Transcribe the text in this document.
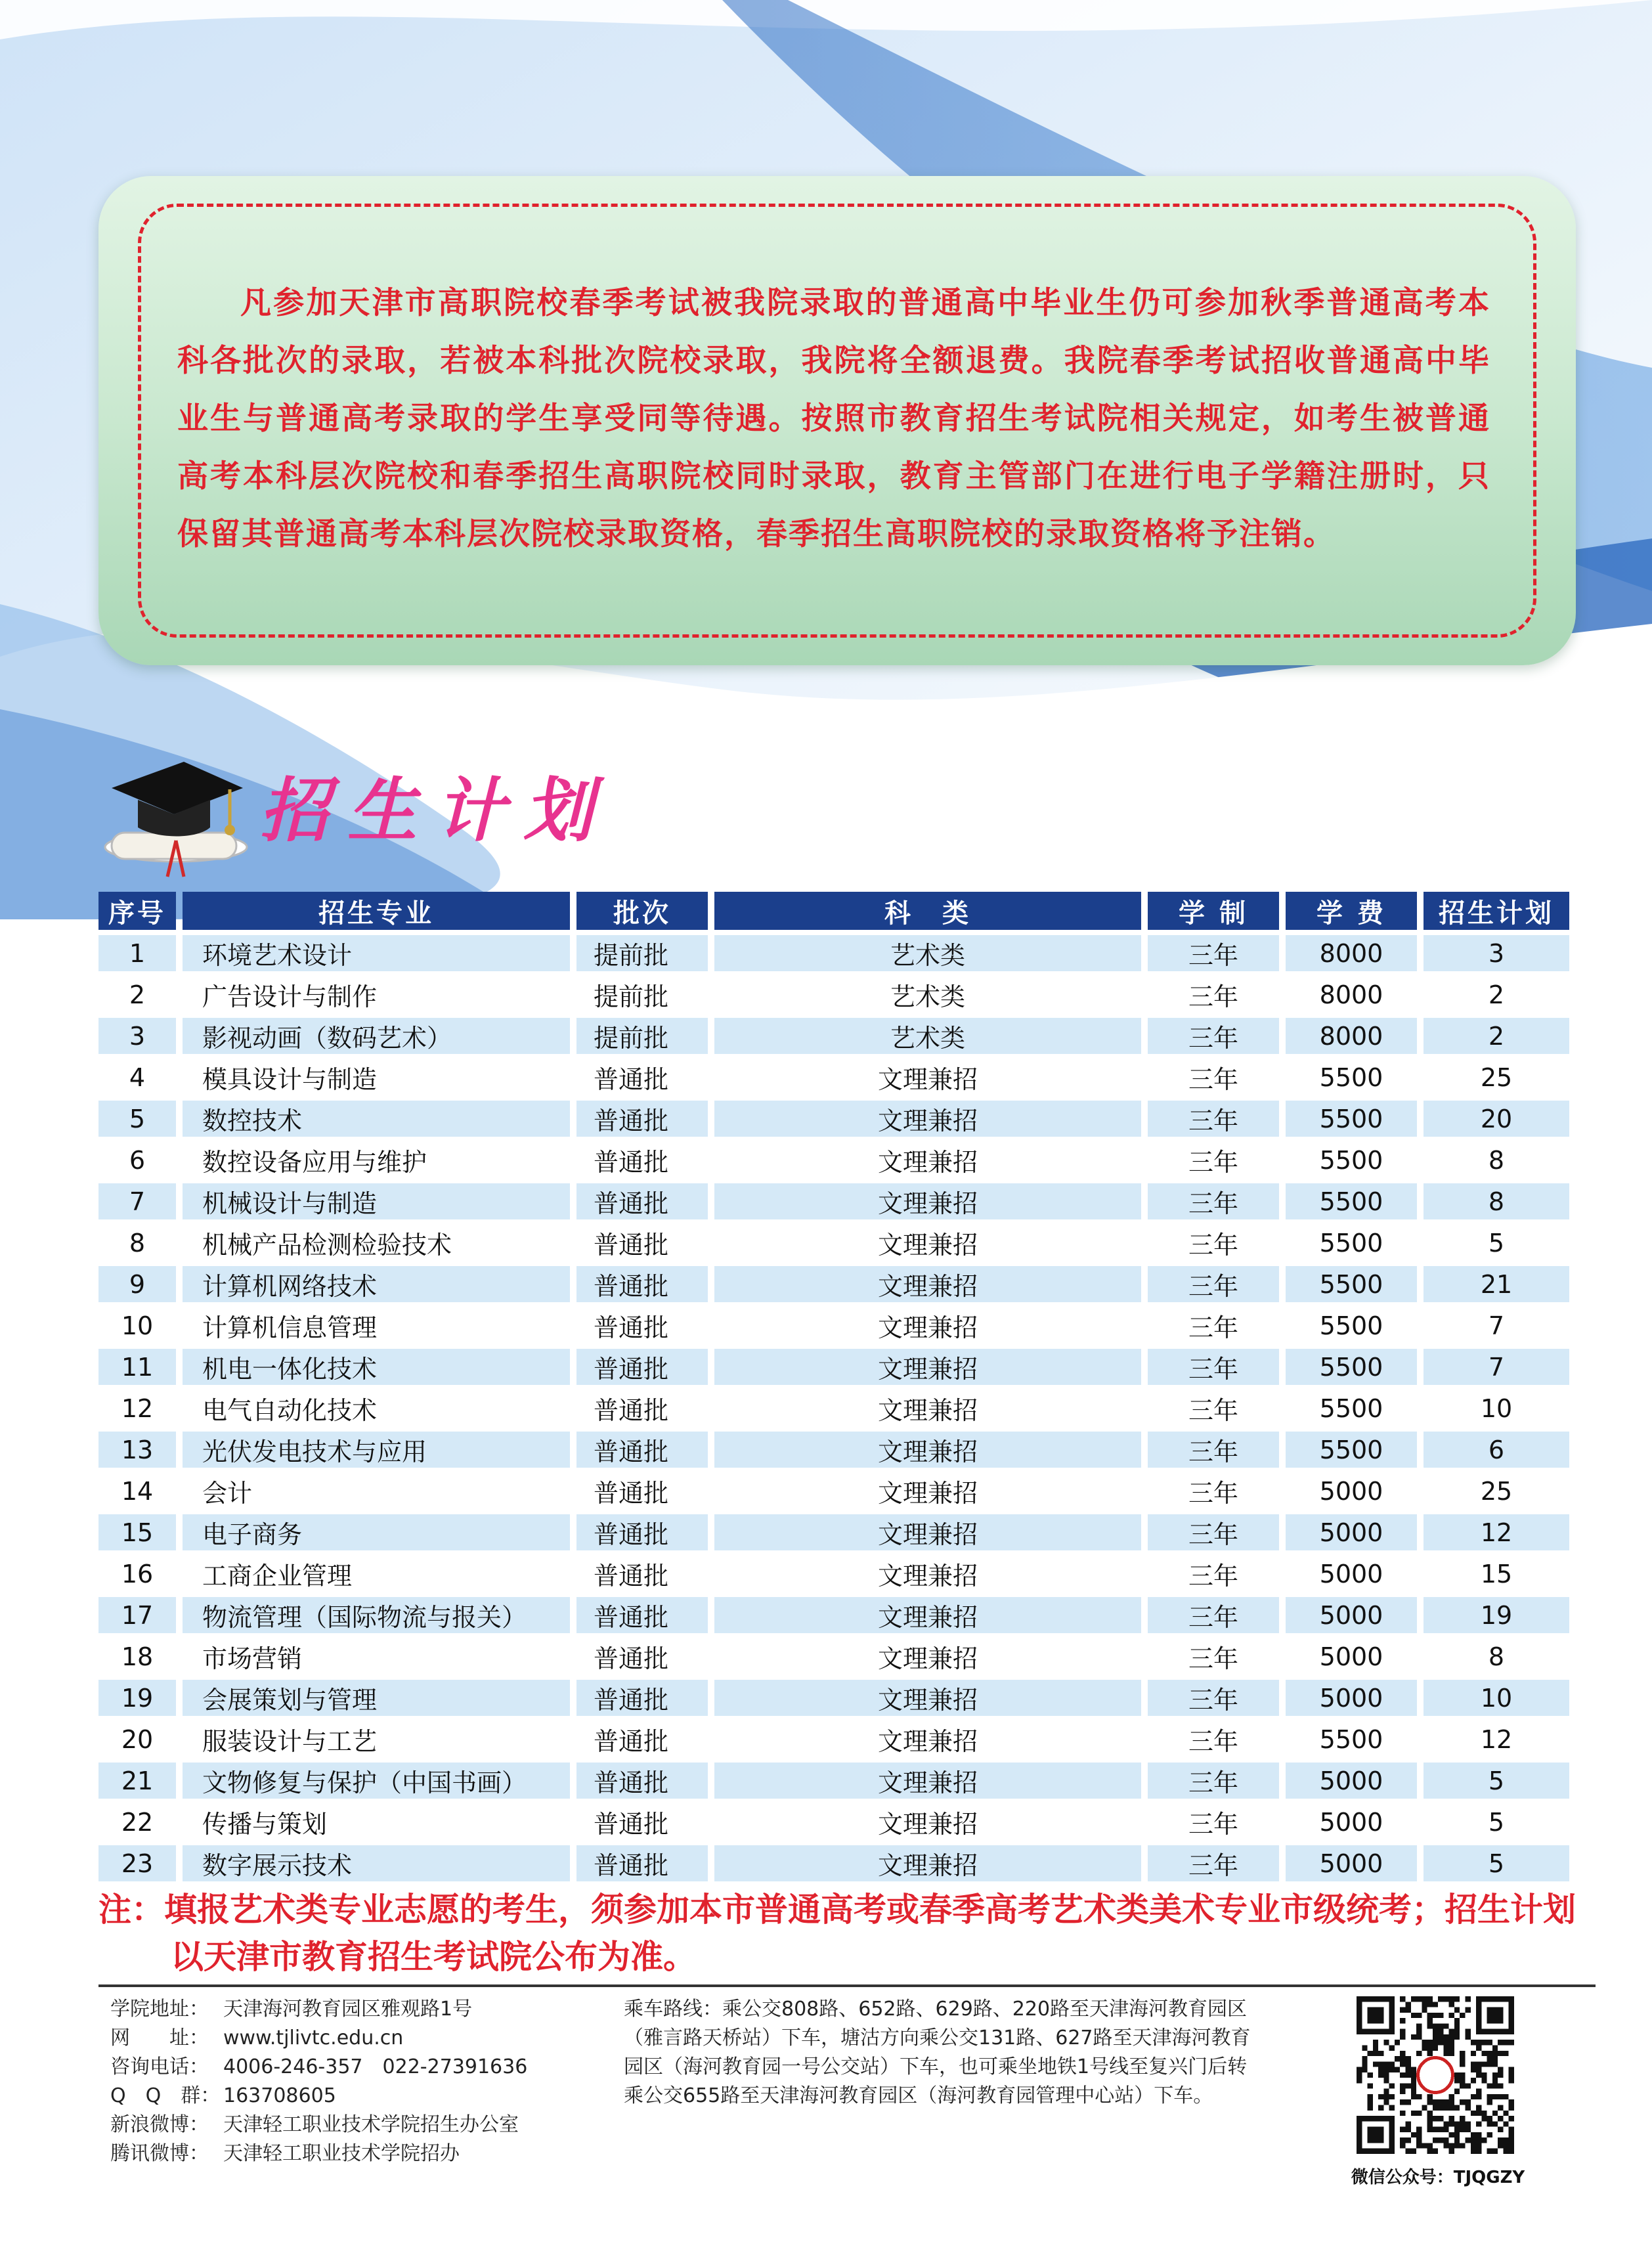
凡参加天津市高职院校春季考试被我院录取的普通高中毕业生仍可参加秋季普通高考本科各批次的录取，若被本科批次院校录取，我院将全额退费。我院春季考试招收普通高中毕业生与普通高考录取的学生享受同等待遇。按照市教育招生考试院相关规定，如考生被普通高考本科层次院校和春季招生高职院校同时录取，教育主管部门在进行电子学籍注册时，只保留其普通高考本科层次院校录取资格，春季招生高职院校的录取资格将予注销。
招生计划
序号	招生专业	批次	科　类	学 制	学 费	招生计划
1	环境艺术设计	提前批	艺术类	三年	8000	3
2	广告设计与制作	提前批	艺术类	三年	8000	2
3	影视动画（数码艺术）	提前批	艺术类	三年	8000	2
4	模具设计与制造	普通批	文理兼招	三年	5500	25
5	数控技术	普通批	文理兼招	三年	5500	20
6	数控设备应用与维护	普通批	文理兼招	三年	5500	8
7	机械设计与制造	普通批	文理兼招	三年	5500	8
8	机械产品检测检验技术	普通批	文理兼招	三年	5500	5
9	计算机网络技术	普通批	文理兼招	三年	5500	21
10	计算机信息管理	普通批	文理兼招	三年	5500	7
11	机电一体化技术	普通批	文理兼招	三年	5500	7
12	电气自动化技术	普通批	文理兼招	三年	5500	10
13	光伏发电技术与应用	普通批	文理兼招	三年	5500	6
14	会计	普通批	文理兼招	三年	5000	25
15	电子商务	普通批	文理兼招	三年	5000	12
16	工商企业管理	普通批	文理兼招	三年	5000	15
17	物流管理（国际物流与报关）	普通批	文理兼招	三年	5000	19
18	市场营销	普通批	文理兼招	三年	5000	8
19	会展策划与管理	普通批	文理兼招	三年	5000	10
20	服装设计与工艺	普通批	文理兼招	三年	5500	12
21	文物修复与保护（中国书画）	普通批	文理兼招	三年	5000	5
22	传播与策划	普通批	文理兼招	三年	5000	5
23	数字展示技术	普通批	文理兼招	三年	5000	5
注：填报艺术类专业志愿的考生，须参加本市普通高考或春季高考艺术类美术专业市级统考；招生计划
以天津市教育招生考试院公布为准。
学院地址： 天津海河教育园区雅观路1号
网　　址： www.tjlivtc.edu.cn
咨询电话： 4006-246-357　022-27391636
Q　Q　群： 163708605
新浪微博： 天津轻工职业技术学院招生办公室
腾讯微博： 天津轻工职业技术学院招办
乘车路线：乘公交808路、652路、629路、220路至天津海河教育园区（雅言路天桥站）下车，塘沽方向乘公交131路、627路至天津海河教育园区（海河教育园一号公交站）下车，也可乘坐地铁1号线至复兴门后转乘公交655路至天津海河教育园区（海河教育园管理中心站）下车。
微信公众号：TJQGZY
